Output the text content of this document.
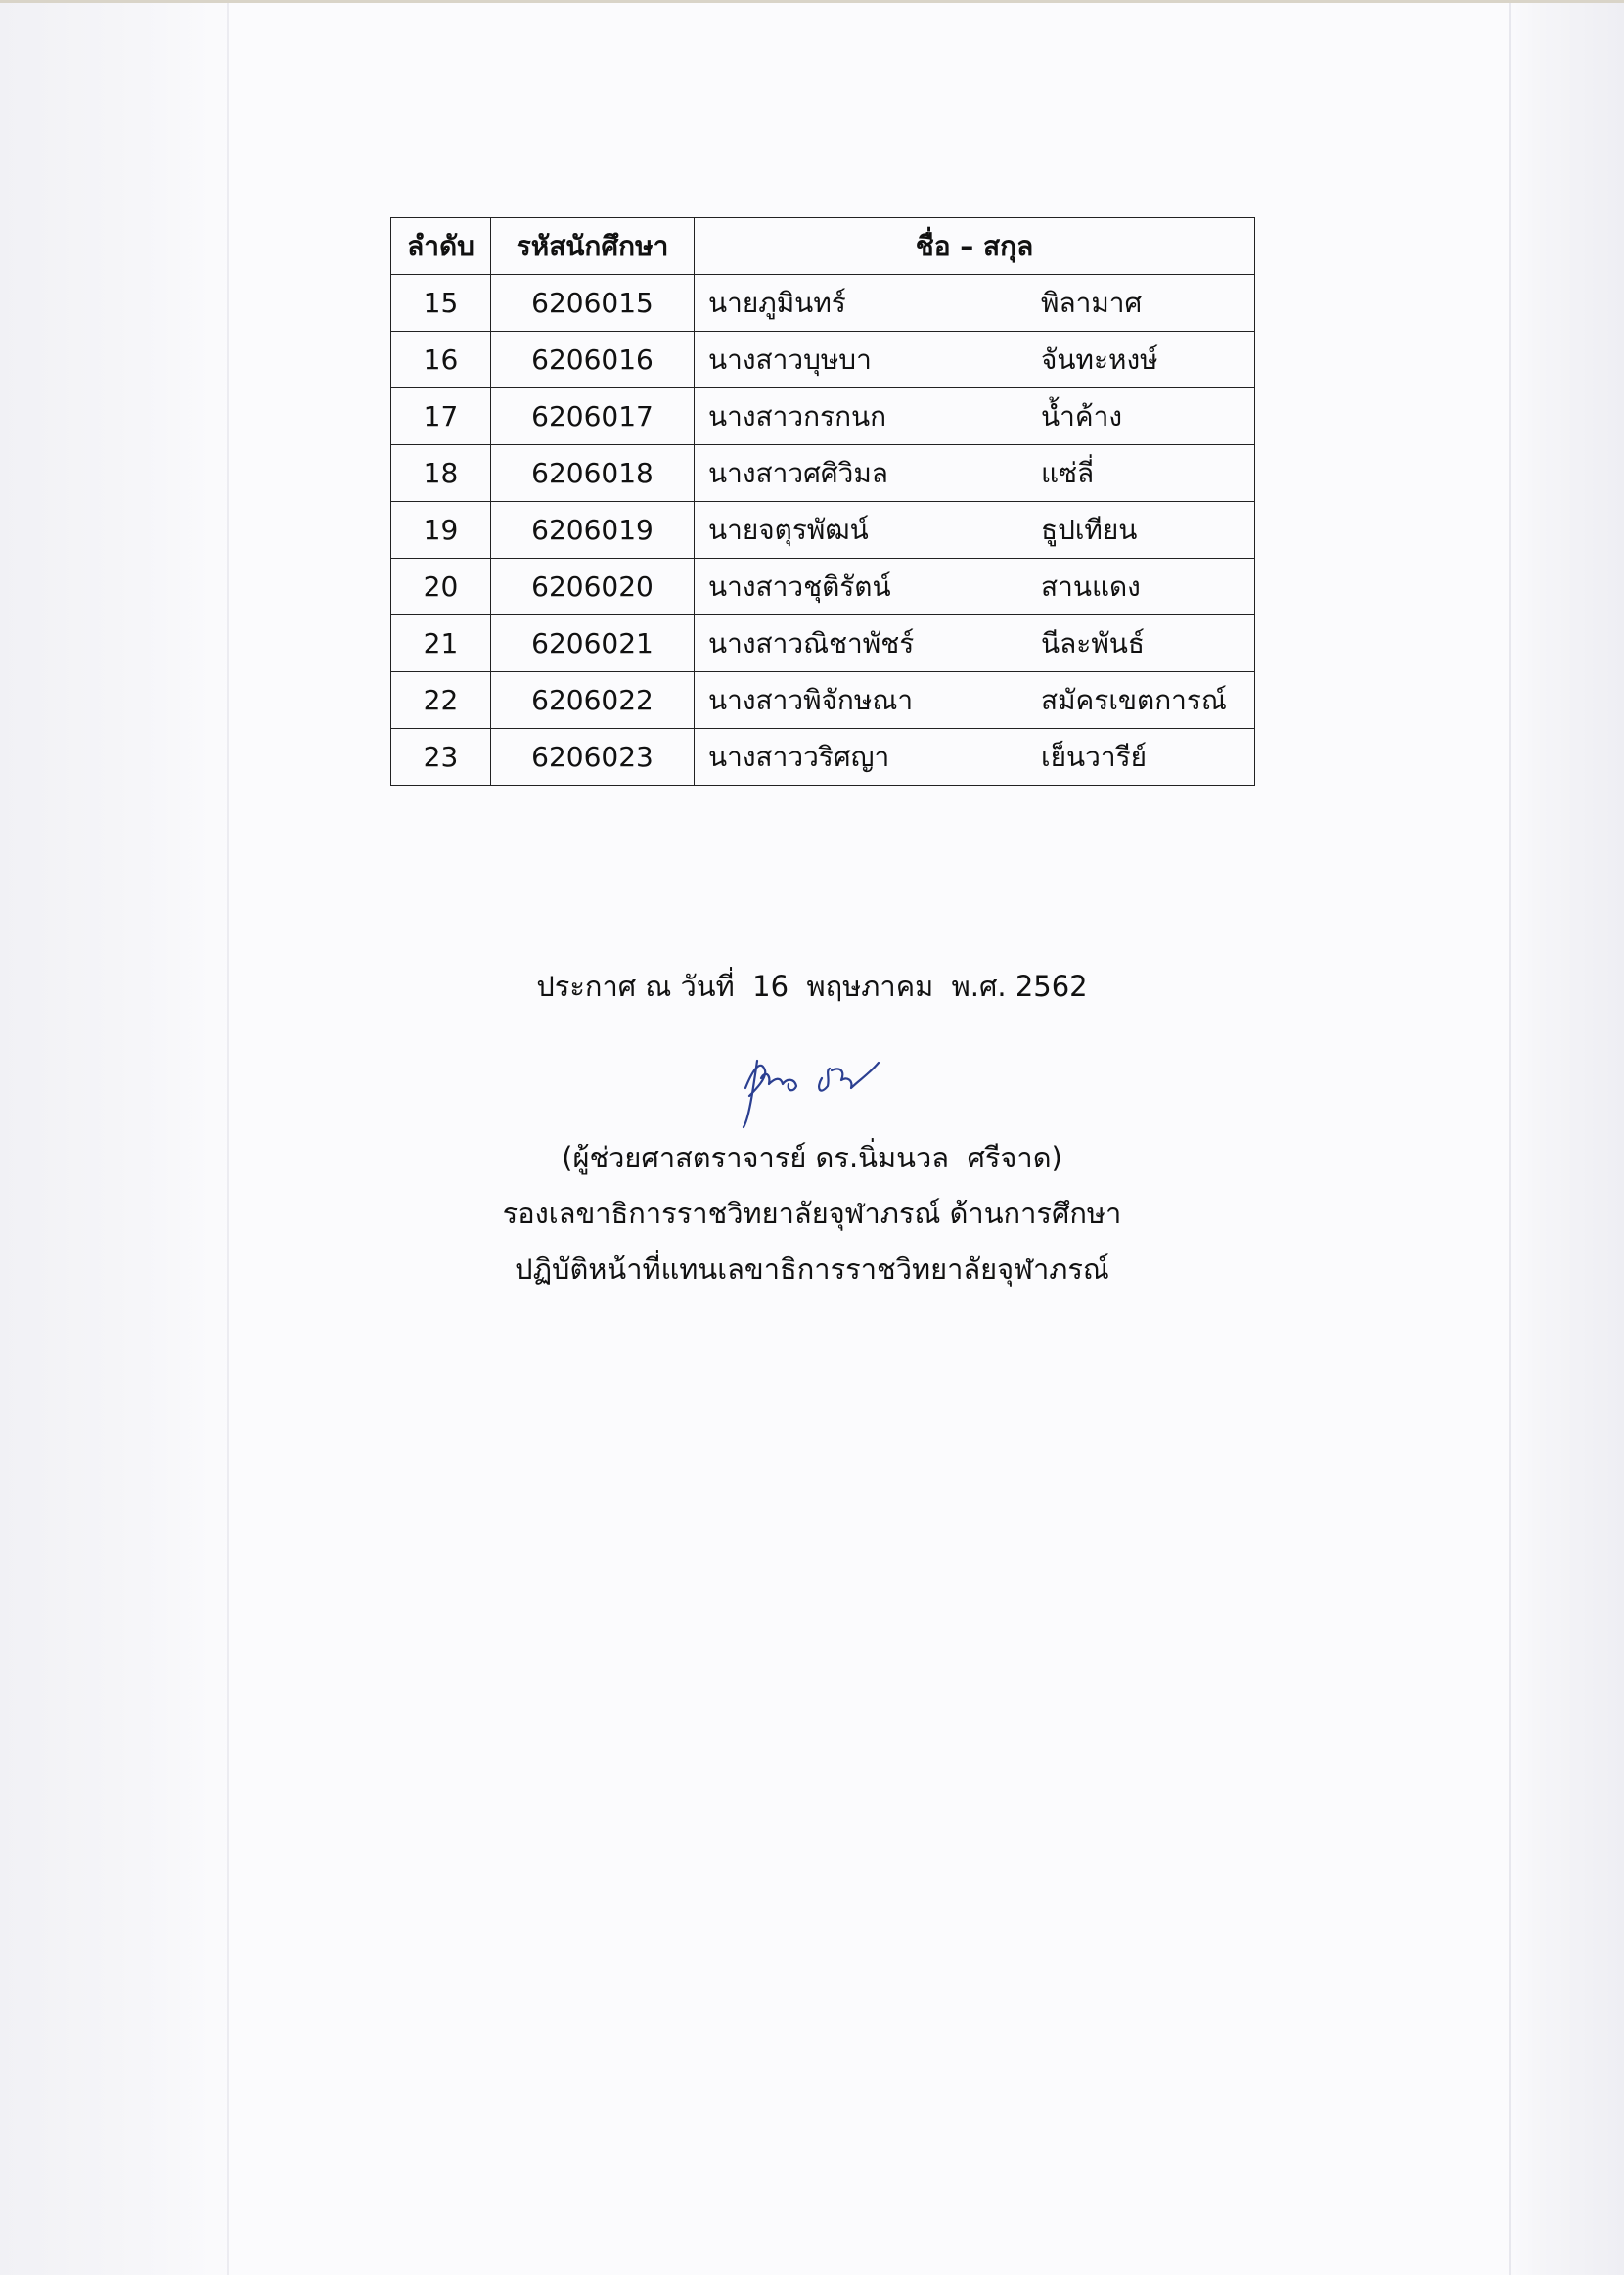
ลำดับ	รหัสนักศึกษา	ชื่อ – สกุล
15	6206015	นายภูมินทร์ พิลามาศ
16	6206016	นางสาวบุษบา จันทะหงษ์
17	6206017	นางสาวกรกนก น้ำค้าง
18	6206018	นางสาวศศิวิมล แซ่ลี่
19	6206019	นายจตุรพัฒน์ ธูปเทียน
20	6206020	นางสาวชุติรัตน์ สานแดง
21	6206021	นางสาวณิชาพัชร์ นีละพันธ์
22	6206022	นางสาวพิจักษณา สมัครเขตการณ์
23	6206023	นางสาววริศญา เย็นวารีย์
ประกาศ ณ วันที่  16  พฤษภาคม  พ.ศ. 2562
(ผู้ช่วยศาสตราจารย์ ดร.นิ่มนวล  ศรีจาด)
รองเลขาธิการราชวิทยาลัยจุฬาภรณ์ ด้านการศึกษา
ปฏิบัติหน้าที่แทนเลขาธิการราชวิทยาลัยจุฬาภรณ์
